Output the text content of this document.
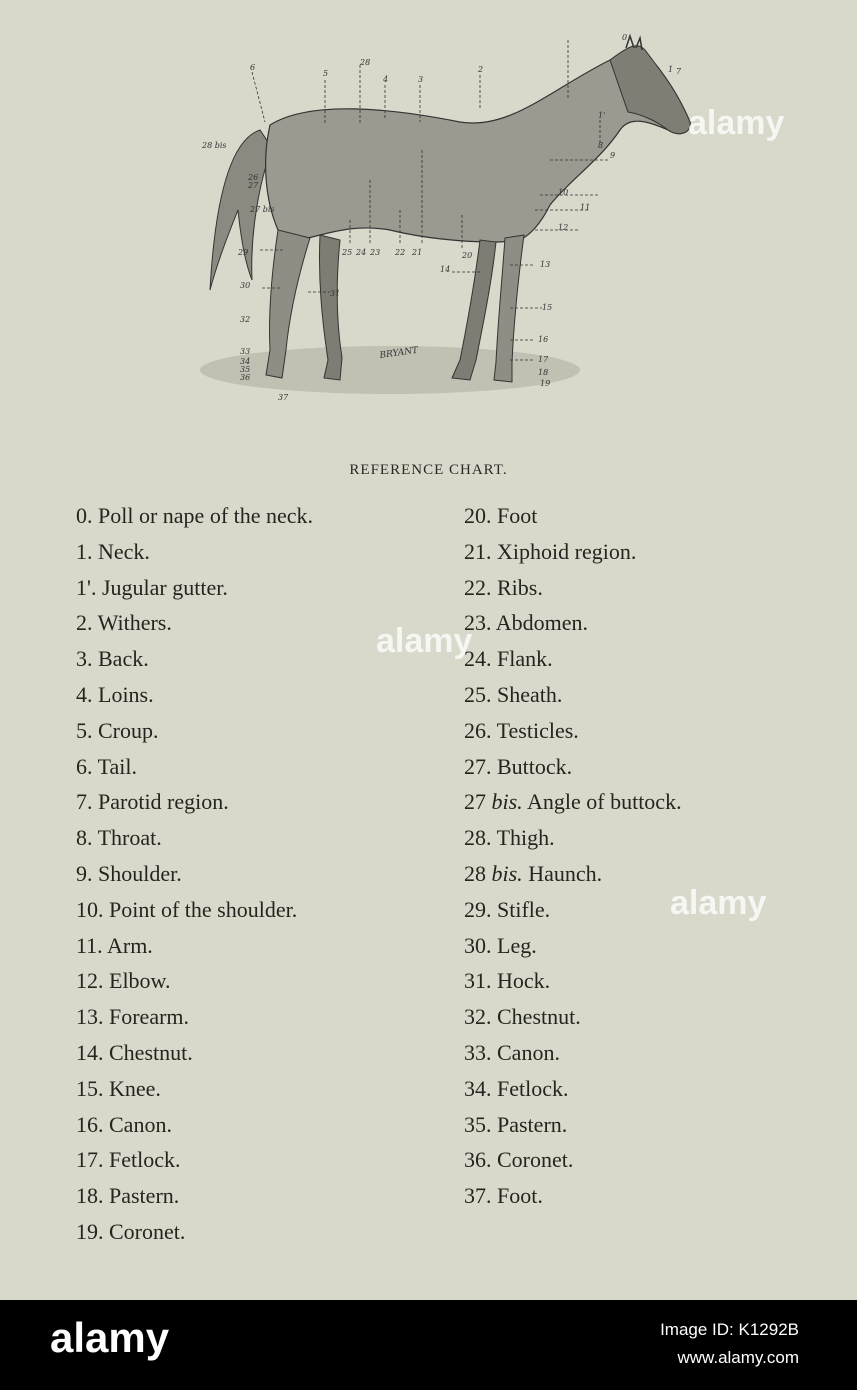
0
1
1'
2
3
4
5
6	7
8
9
10
11
12
13
14
15
16
17
18
19
20
21
22
23
24
25
26
27
28
28 bis
27 bis
29
30
31
32
33
34
35
36
37
BRYANT
REFERENCE CHART.
0. Poll or nape of the neck.
1. Neck.
1'. Jugular gutter.
2. Withers.
3. Back.
4. Loins.
5. Croup.
6. Tail.
7. Parotid region.
8. Throat.
9. Shoulder.
10. Point of the shoulder.
11. Arm.
12. Elbow.
13. Forearm.
14. Chestnut.
15. Knee.
16. Canon.
17. Fetlock.
18. Pastern.
19. Coronet.
20. Foot
21. Xiphoid region.
22. Ribs.
23. Abdomen.
24. Flank.
25. Sheath.
26. Testicles.
27. Buttock.
27 bis. Angle of buttock.
28. Thigh.
28 bis. Haunch.
29. Stifle.
30. Leg.
31. Hock.
32. Chestnut.
33. Canon.
34. Fetlock.
35. Pastern.
36. Coronet.
37. Foot.
alamy
alamy
alamy
alamy	Image ID: K1292B
www.alamy.com
